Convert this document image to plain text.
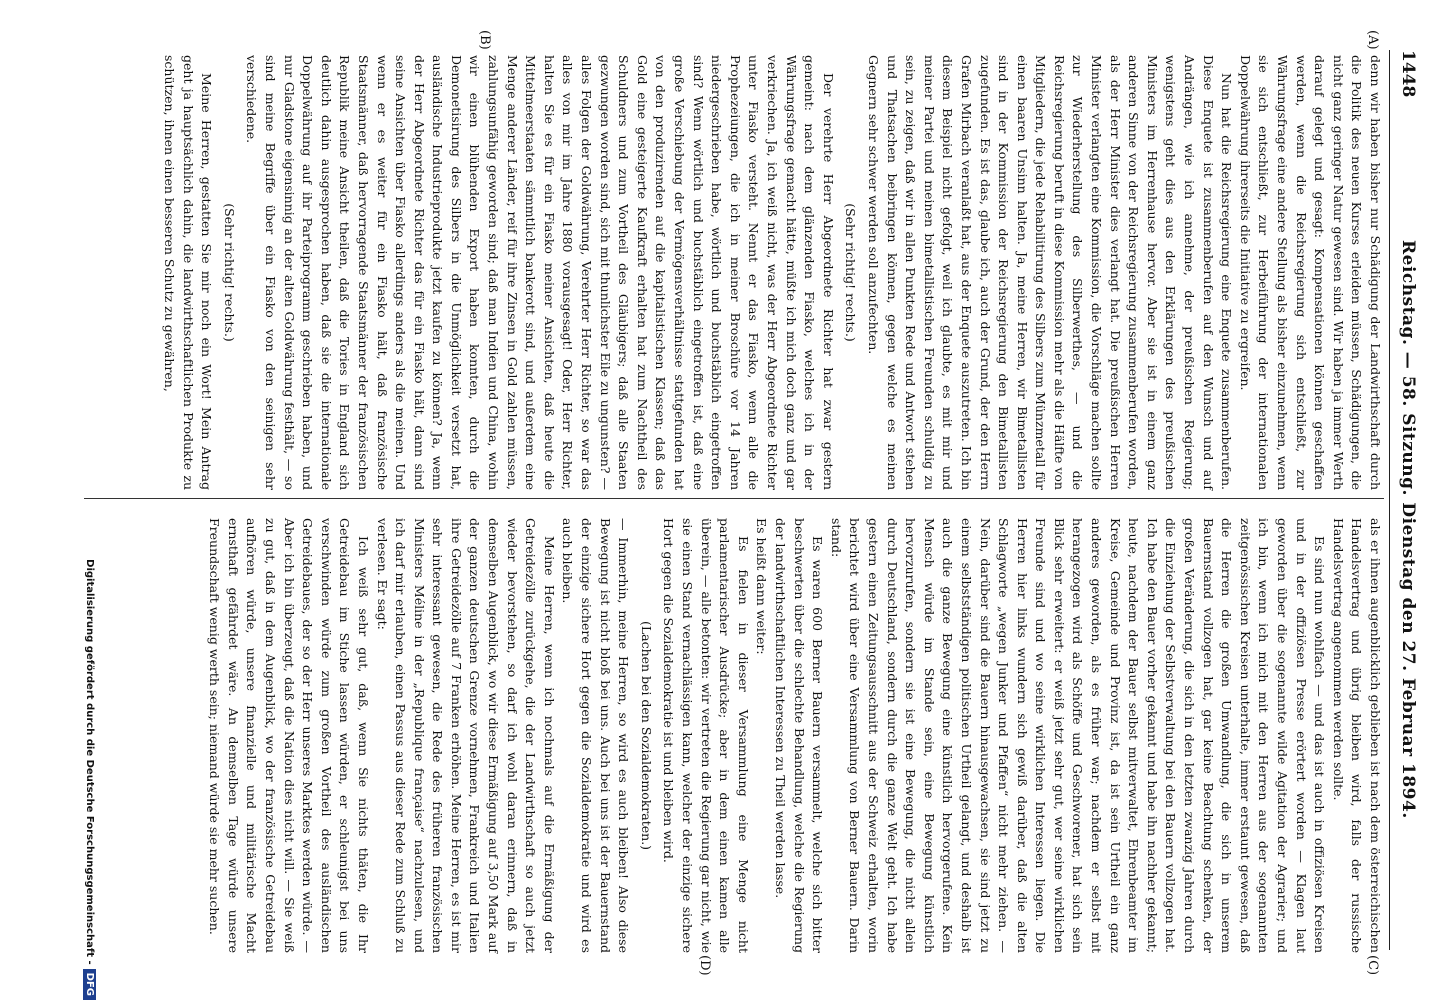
1448
Reichstag. — 58. Sitzung. Dienstag den 27. Februar 1894.
(A)
(B)
(C)
(D)

denn wir haben bisher nur Schädigung der Landwirthschaft durch die Politik des neuen Kurses erleiden müssen, Schädigungen, die nicht ganz geringer Natur gewesen sind. Wir haben ja immer Werth darauf gelegt und gesagt: Kompensationen können geschaffen werden, wenn die Reichsregierung sich entschließt, zur Währungsfrage eine andere Stellung als bisher einzunehmen, wenn sie sich entschließt, zur Herbeiführung der internationalen Doppelwährung ihrerseits die Initiative zu ergreifen.

Nun hat die Reichsregierung eine Enquete zusammenberufen. Diese Enquete ist zusammenberufen auf den Wunsch und auf Andrängen, wie ich annehme, der preußischen Regierung; wenigstens geht dies aus den Erklärungen des preußischen Ministers im Herrenhause hervor. Aber sie ist in einem ganz anderen Sinne von der Reichsregierung zusammenberufen worden, als der Herr Minister dies verlangt hat. Die preußischen Herren Minister verlangten eine Kommission, die Vorschläge machen sollte zur Wiederherstellung des Silberwerthes, — und die Reichsregierung beruft in diese Kommission mehr als die Hälfte von Mitgliedern, die jede Rehabilitirung des Silbers zum Münzmetall für einen baaren Unsinn halten. Ja, meine Herren, wir Bimetallisten sind in der Kommission der Reichsregierung den Bimetallisten zugefunden. Es ist das, glaube ich, auch der Grund, der den Herrn Grafen Mirbach veranlaßt hat, aus der Enquete auszutreten. Ich bin diesem Beispiel nicht gefolgt, weil ich glaubte, es mit mir und meiner Partei und meinen bimetallistischen Freunden schuldig zu sein, zu zeigen, daß wir in allen Punkten Rede und Antwort stehen und Thatsachen beibringen können, gegen welche es meinen Gegnern sehr schwer werden soll anzufechten.

(Sehr richtig! rechts.)

Der verehrte Herr Abgeordnete Richter hat zwar gestern gemeint: nach dem glänzenden Fiasko, welches ich in der Währungsfrage gemacht hätte, müßte ich mich doch ganz und gar verkriechen. Ja, ich weiß nicht, was der Herr Abgeordnete Richter unter Fiasko versteht. Nennt er das Fiasko, wenn alle die Prophezeiungen, die ich in meiner Broschüre vor 14 Jahren niedergeschrieben habe, wörtlich und buchstäblich eingetroffen sind? Wenn wörtlich und buchstäblich eingetroffen ist, daß eine große Verschiebung der Vermögensverhältnisse stattgefunden hat von den produzirenden auf die kapitalistischen Klassen; daß das Gold eine gesteigerte Kaufkraft erhalten hat zum Nachtheil des Schuldners und zum Vortheil des Gläubigers; daß alle Staaten gezwungen worden sind, sich mit thunlichster Eile zu ungunsten? — alles Folgen der Goldwährung, Verehrter Herr Richter, so war das alles von mir im Jahre 1880 vorausgesagt! Oder, Herr Richter, halten Sie es für ein Fiasko meiner Ansichten, daß heute die Mittelmeerstaaten sämmtlich bankerott sind, und außerdem eine Menge anderer Länder, reif für ihre Zinsen in Gold zahlen müssen, zahlungsunfähig geworden sind; daß man Indien und China, wohin wir einen blühenden Export haben konnten, durch die Demonetisirung des Silbers in die Unmöglichkeit versetzt hat, ausländische Industrieprodukte jetzt kaufen zu können? Ja, wenn der Herr Abgeordnete Richter das für ein Fiasko hält, dann sind seine Ansichten über Fiasko allerdings anders als die meinen. Und wenn er es weiter für ein Fiasko hält, daß französische Staatsmänner, daß hervorragende Staatsmänner der französischen Republik meine Ansicht theilen, daß die Tories in England sich deutlich dahin ausgesprochen haben, daß sie die internationale Doppelwährung auf ihr Parteiprogramm geschrieben haben, und nur Gladstone eigensinnig an der alten Goldwährung festhält, — so sind meine Begriffe über ein Fiasko von den seinigen sehr verschiedene.

(Sehr richtig! rechts.)

Meine Herren, gestatten Sie mir noch ein Wort! Mein Antrag geht ja hauptsächlich dahin, die landwirthschaftlichen Produkte zu schützen, ihnen einen besseren Schutz zu gewähren,

als er ihnen augenblicklich geblieben ist nach dem österreichischen Handelsvertrag und übrig bleiben wird, falls der russische Handelsvertrag angenommen werden sollte.

Es sind nun wohlfach — und das ist auch in offiziösen Kreisen und in der offiziösen Presse erörtert worden — Klagen laut geworden über die sogenannte wilde Agitation der Agrarier; und ich bin, wenn ich mich mit den Herren aus der sogenannten zeitgenössischen Kreisen unterhalte, immer erstaunt gewesen, daß die Herren die großen Umwandlung, die sich in unserem Bauernstand vollzogen hat, gar keine Beachtung schenken, der großen Veränderung, die sich in den letzten zwanzig Jahren durch die Einziehung der Selbstverwaltung bei den Bauern vollzogen hat. Ich habe den Bauer vorher gekannt und habe ihn nachher gekannt; heute, nachdem der Bauer selbst mitverwaltet, Ehrenbeamter im Kreise, Gemeinde und Provinz ist, da ist sein Urtheil ein ganz anderes geworden, als es früher war; nachdem er selbst mit herangezogen wird als Schöffe und Geschworener, hat sich sein Blick sehr erweitert: er weiß jetzt sehr gut, wer seine wirklichen Freunde sind und wo seine wirklichen Interessen liegen. Die Herren hier links wundern sich gewiß darüber, daß die alten Schlagworte „wegen Junker und Pfaffen“ nicht mehr ziehen. — Nein, darüber sind die Bauern hinausgewachsen, sie sind jetzt zu einem selbstständigen politischen Urtheil gelangt, und deshalb ist auch die ganze Bewegung eine künstlich hervorgerufene. Kein Mensch würde im Stande sein, eine Bewegung künstlich hervorzurufen, sondern sie ist eine Bewegung, die nicht allein durch Deutschland, sondern durch die ganze Welt geht. Ich habe gestern einen Zeitungsausschnitt aus der Schweiz erhalten, worin berichtet wird über eine Versammlung von Berner Bauern. Darin stand:

Es waren 600 Berner Bauern versammelt, welche sich bitter beschwerten über die schlechte Behandlung, welche die Regierung der landwirthschaftlichen Interessen zu Theil werden lasse.

Es heißt dann weiter:

Es fielen in dieser Versammlung eine Menge nicht parlamentarischer Ausdrücke; aber in dem einen kamen alle überein, — alle betonten: wir vertreten die Regierung gar nicht, wie sie einen Stand vernachlässigen kann, welcher der einzige sichere Hort gegen die Sozialdemokratie ist und bleiben wird.

(Lachen bei den Sozialdemokraten.)

— Immerhin, meine Herren, so wird es auch bleiben! Also diese Bewegung ist nicht bloß bei uns. Auch bei uns ist der Bauernstand der einzige sichere Hort gegen die Sozialdemokratie und wird es auch bleiben.

Meine Herren, wenn ich nochmals auf die Ermäßigung der Getreidezölle zurückgehe, die der Landwirthschaft so auch jetzt wieder bevorstehen, so darf ich wohl daran erinnern, daß in demselben Augenblick, wo wir diese Ermäßigung auf 3,50 Mark auf der ganzen deutschen Grenze vornehmen, Frankreich und Italien ihre Getreidezölle auf 7 Franken erhöhen. Meine Herren, es ist mir sehr interessant gewesen, die Rede des früheren französischen Ministers Méline in der „Republique française“ nachzulesen, und ich darf mir erlauben, einen Passus aus dieser Rede zum Schluß zu verlesen. Er sagt:

Ich weiß sehr gut, daß, wenn Sie nichts thäten, die Ihr Getreidebau im Stiche lassen würden, er schleunigst bei uns verschwinden würde zum großen Vortheil des ausländischen Getreidebaues, der so der Herr unseres Marktes werden würde. — Aber ich bin überzeugt, daß die Nation dies nicht will. — Sie weiß zu gut, daß in dem Augenblick, wo der französische Getreidebau aufhören würde, unsere finanzielle und militärische Macht ernsthaft gefährdet wäre. An demselben Tage würde unsere Freundschaft wenig werth sein; niemand würde sie mehr suchen.

Digitalisierung gefördert durch die Deutsche Forschungsgemeinschaft -DFG
